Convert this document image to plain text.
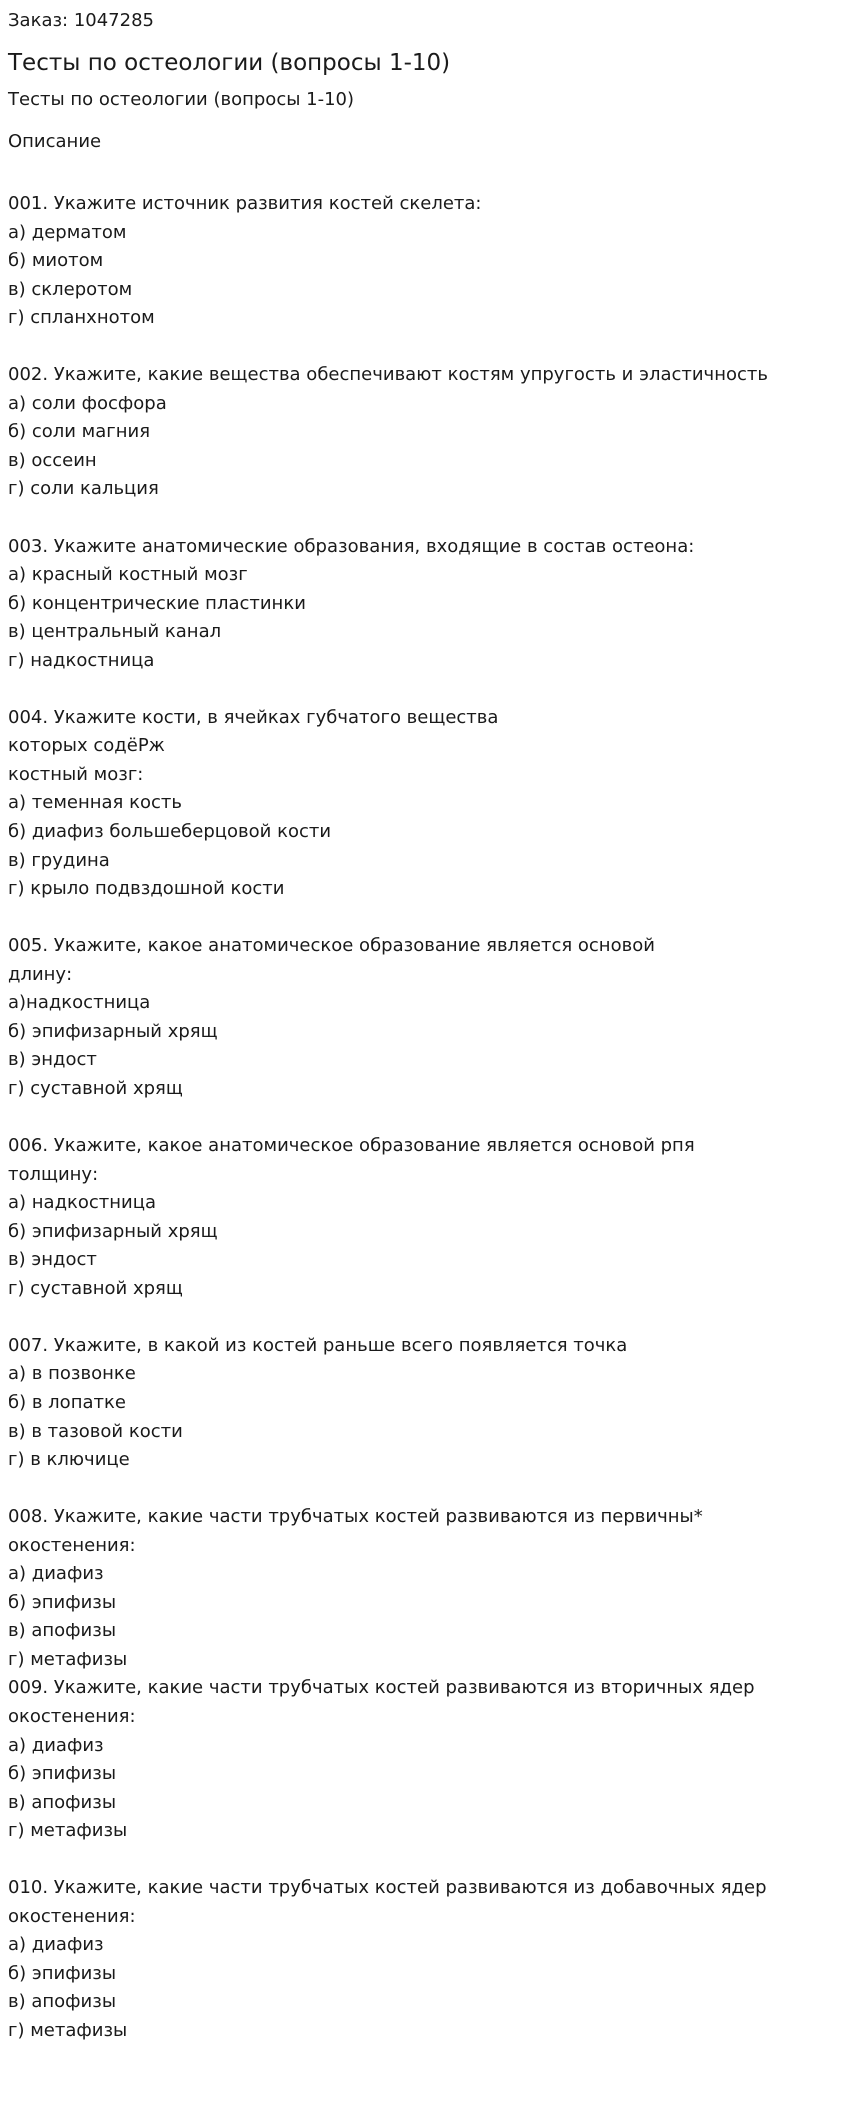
Заказ: 1047285
Тесты по остеологии (вопросы 1-10)
Тесты по остеологии (вопросы 1-10)
Описание
001. Укажите источник развития костей скелета:
а) дерматом
б) миотом
в) склеротом
г) спланхнотом
002. Укажите, какие вещества обеспечивают костям упругость и эластичность
а) соли фосфора
б) соли магния
в) оссеин
г) соли кальция
003. Укажите анатомические образования, входящие в состав остеона:
а) красный костный мозг
б) концентрические пластинки
в) центральный канал
г) надкостница
004. Укажите кости, в ячейках губчатого вещества
которых содёРж
костный мозг:
а) теменная кость
б) диафиз большеберцовой кости
в) грудина
г) крыло подвздошной кости
005. Укажите, какое анатомическое образование является основой
длину:
а)надкостница
б) эпифизарный хрящ
в) эндост
г) суставной хрящ
006. Укажите, какое анатомическое образование является основой рпя
толщину:
а) надкостница
б) эпифизарный хрящ
в) эндост
г) суставной хрящ
007. Укажите, в какой из костей раньше всего появляется точка
а) в позвонке
б) в лопатке
в) в тазовой кости
г) в ключице
008. Укажите, какие части трубчатых костей развиваются из первичны*
окостенения:
а) диафиз
б) эпифизы
в) апофизы
г) метафизы
009. Укажите, какие части трубчатых костей развиваются из вторичных ядер
окостенения:
а) диафиз
б) эпифизы
в) апофизы
г) метафизы
010. Укажите, какие части трубчатых костей развиваются из добавочных ядер
окостенения:
а) диафиз
б) эпифизы
в) апофизы
г) метафизы
